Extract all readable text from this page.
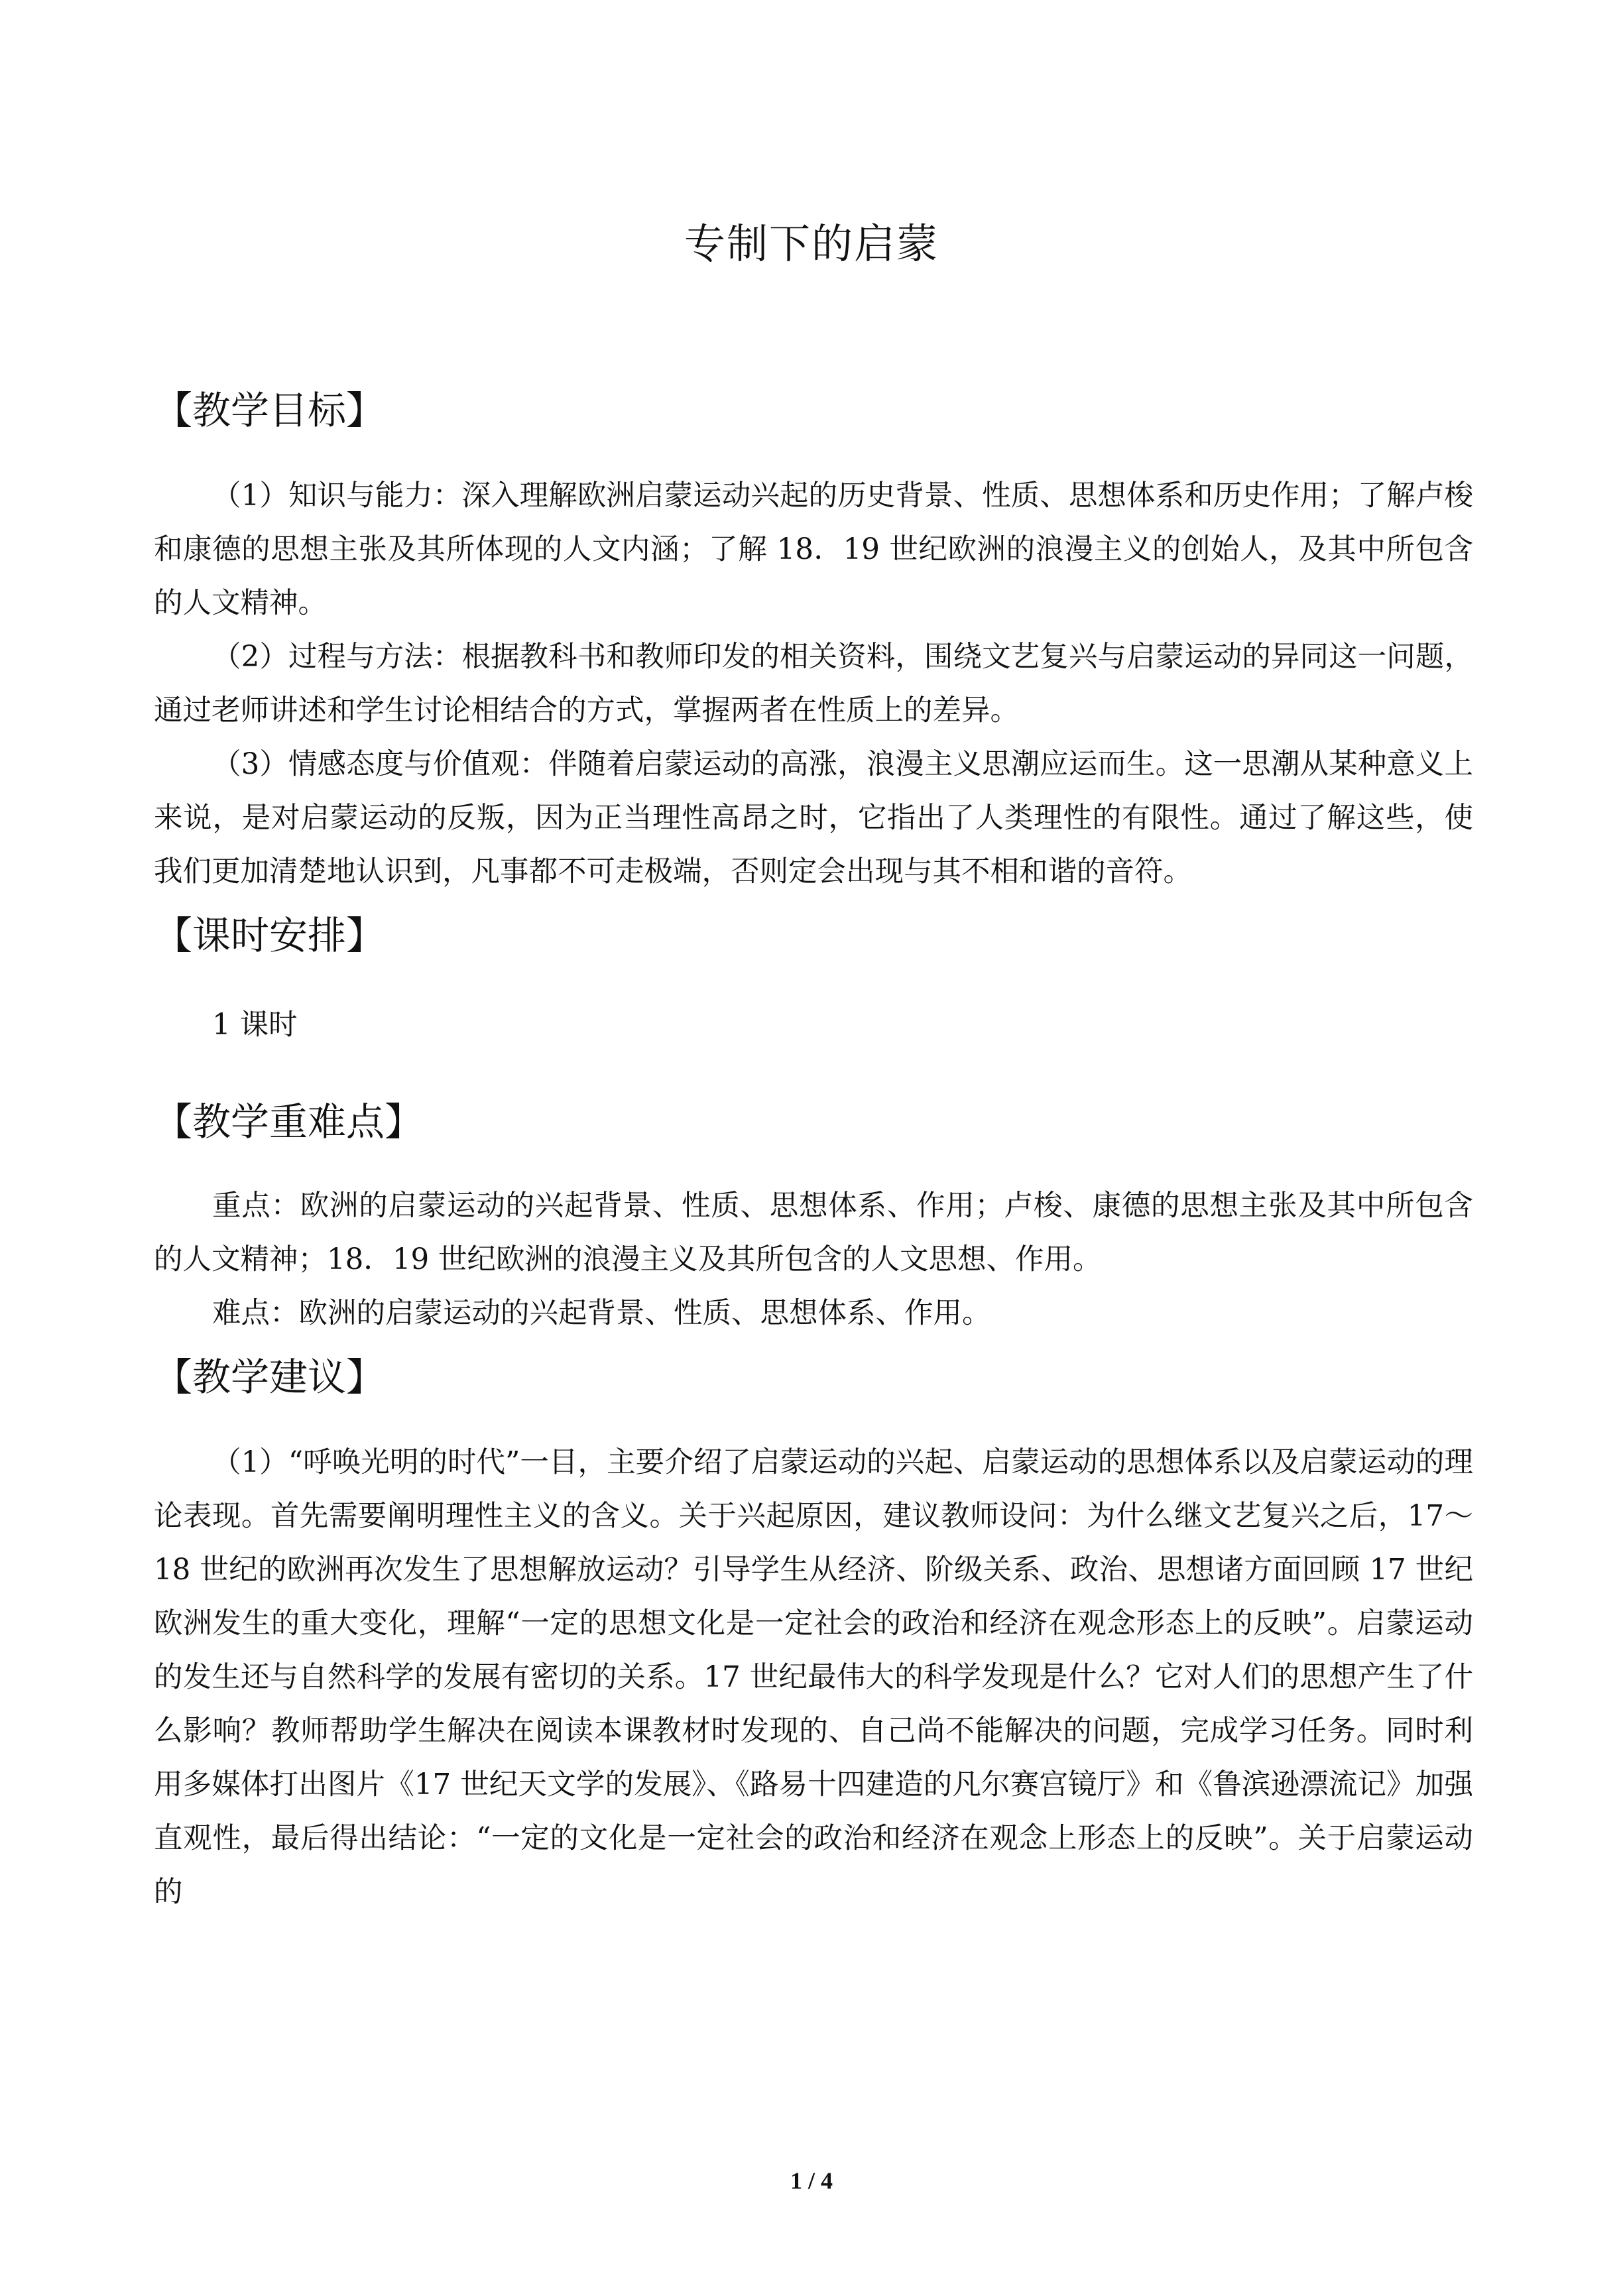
专制下的启蒙
【教学目标】

（1）知识与能力：深入理解欧洲启蒙运动兴起的历史背景、性质、思想体系和历史作用；了解卢梭和康德的思想主张及其所体现的人文内涵；了解 18．19 世纪欧洲的浪漫主义的创始人，及其中所包含的人文精神。

（2）过程与方法：根据教科书和教师印发的相关资料，围绕文艺复兴与启蒙运动的异同这一问题，通过老师讲述和学生讨论相结合的方式，掌握两者在性质上的差异。

（3）情感态度与价值观：伴随着启蒙运动的高涨，浪漫主义思潮应运而生。这一思潮从某种意义上来说，是对启蒙运动的反叛，因为正当理性高昂之时，它指出了人类理性的有限性。通过了解这些，使我们更加清楚地认识到，凡事都不可走极端，否则定会出现与其不相和谐的音符。

【课时安排】

1 课时

【教学重难点】

重点：欧洲的启蒙运动的兴起背景、性质、思想体系、作用；卢梭、康德的思想主张及其中所包含的人文精神；18．19 世纪欧洲的浪漫主义及其所包含的人文思想、作用。

难点：欧洲的启蒙运动的兴起背景、性质、思想体系、作用。

【教学建议】

（1）“呼唤光明的时代”一目，主要介绍了启蒙运动的兴起、启蒙运动的思想体系以及启蒙运动的理论表现。首先需要阐明理性主义的含义。关于兴起原因，建议教师设问：为什么继文艺复兴之后，17～18 世纪的欧洲再次发生了思想解放运动？引导学生从经济、阶级关系、政治、思想诸方面回顾 17 世纪欧洲发生的重大变化，理解“一定的思想文化是一定社会的政治和经济在观念形态上的反映”。启蒙运动的发生还与自然科学的发展有密切的关系。17 世纪最伟大的科学发现是什么？它对人们的思想产生了什么影响？教师帮助学生解决在阅读本课教材时发现的、自己尚不能解决的问题，完成学习任务。同时利用多媒体打出图片《17 世纪天文学的发展》、《路易十四建造的凡尔赛宫镜厅》和《鲁滨逊漂流记》加强直观性，最后得出结论：“一定的文化是一定社会的政治和经济在观念上形态上的反映”。关于启蒙运动的

1 / 4
